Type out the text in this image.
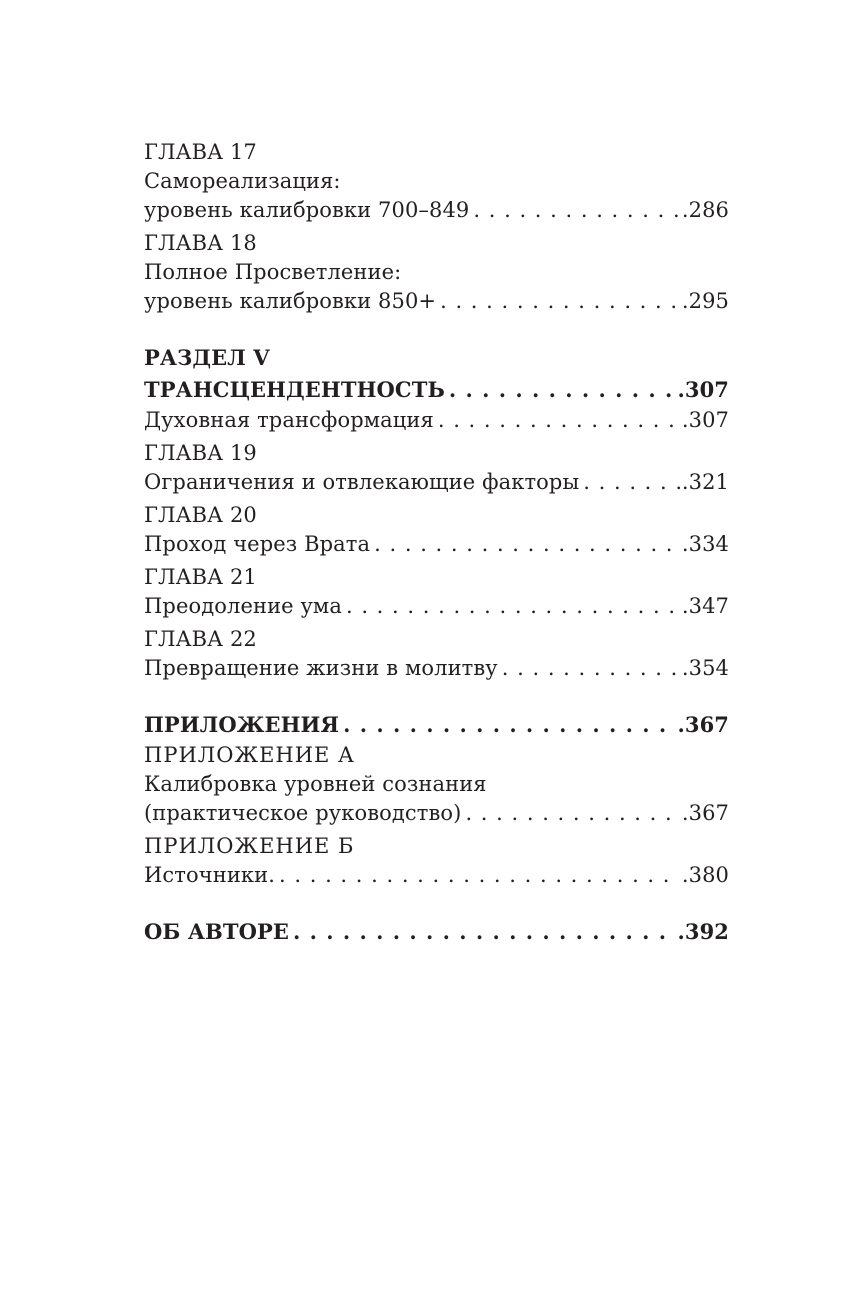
ГЛАВА 17
Самореализация:
уровень калибровки 700–849 . . .	.286
ГЛАВА 18
Полное Просветление:
уровень калибровки 850+ . . .	.295
РАЗДЕЛ V
ТРАНСЦЕНДЕНТНОСТЬ . . .	.307
Духовная трансформация . . .	.307
ГЛАВА 19
Ограничения и отвлекающие факторы . . .	.321
ГЛАВА 20
Проход через Врата . . .	.334
ГЛАВА 21
Преодоление ума . . .	.347
ГЛАВА 22
Превращение жизни в молитву . . .	.354
ПРИЛОЖЕНИЯ . . .	.367
ПРИЛОЖЕНИЕ А
Калибровка уровней сознания
(практическое руководство) . . .	.367
ПРИЛОЖЕНИЕ Б
Источники. . . .	.380
ОБ АВТОРЕ . . .	.392
